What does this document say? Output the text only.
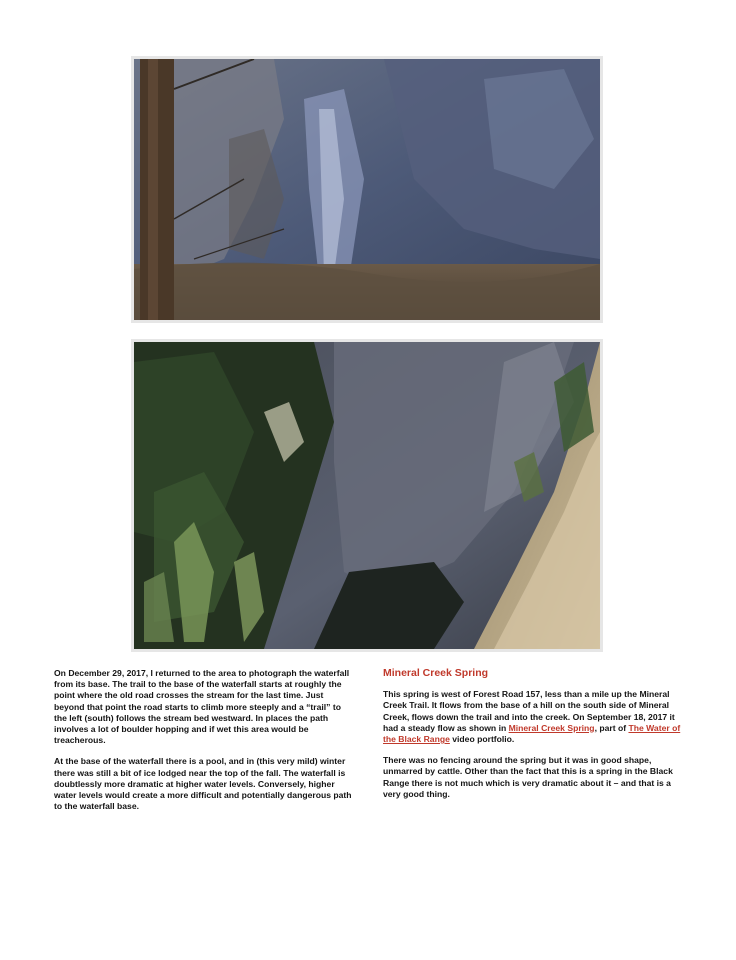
On December 29, 2017, I returned to the area to photograph the waterfall from its base. The trail to the base of the waterfall starts at roughly the point where the old road crosses the stream for the last time. Just beyond that point the road starts to climb more steeply and a “trail” to the left (south) follows the stream bed westward. In places the path involves a lot of boulder hopping and if wet this area would be treacherous.

At the base of the waterfall there is a pool, and in (this very mild) winter there was still a bit of ice lodged near the top of the fall. The waterfall is doubtlessly more dramatic at higher water levels. Conversely, higher water levels would create a more difficult and potentially dangerous path to the waterfall base.

Mineral Creek Spring

This spring is west of Forest Road 157, less than a mile up the Mineral Creek Trail. It flows from the base of a hill on the south side of Mineral Creek, flows down the trail and into the creek. On September 18, 2017 it had a steady flow as shown in Mineral Creek Spring, part of The Water of the Black Range video portfolio.

There was no fencing around the spring but it was in good shape, unmarred by cattle. Other than the fact that this is a spring in the Black Range there is not much which is very dramatic about it – and that is a very good thing.
